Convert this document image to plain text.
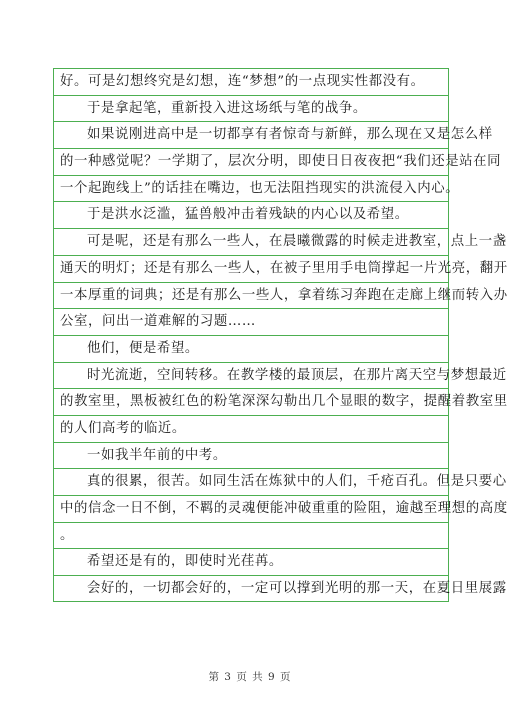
好。可是幻想终究是幻想，连“梦想”的一点现实性都没有。
于是拿起笔，重新投入进这场纸与笔的战争。
如果说刚进高中是一切都享有者惊奇与新鲜，那么现在又是怎么样
的一种感觉呢？一学期了，层次分明，即使日日夜夜把“我们还是站在同
一个起跑线上”的话挂在嘴边，也无法阻挡现实的洪流侵入内心。
于是洪水泛滥，猛兽般冲击着残缺的内心以及希望。
可是呢，还是有那么一些人，在晨曦微露的时候走进教室，点上一盏
通天的明灯；还是有那么一些人，在被子里用手电筒撑起一片光亮，翻开
一本厚重的词典；还是有那么一些人，拿着练习奔跑在走廊上继而转入办
公室，问出一道难解的习题……
他们，便是希望。
时光流逝，空间转移。在教学楼的最顶层，在那片离天空与梦想最近
的教室里，黑板被红色的粉笔深深勾勒出几个显眼的数字，提醒着教室里
的人们高考的临近。
一如我半年前的中考。
真的很累，很苦。如同生活在炼狱中的人们，千疮百孔。但是只要心
中的信念一日不倒，不羁的灵魂便能冲破重重的险阻，逾越至理想的高度
。
希望还是有的，即使时光荏苒。
会好的，一切都会好的，一定可以撑到光明的那一天，在夏日里展露
第 3 页 共 9 页
